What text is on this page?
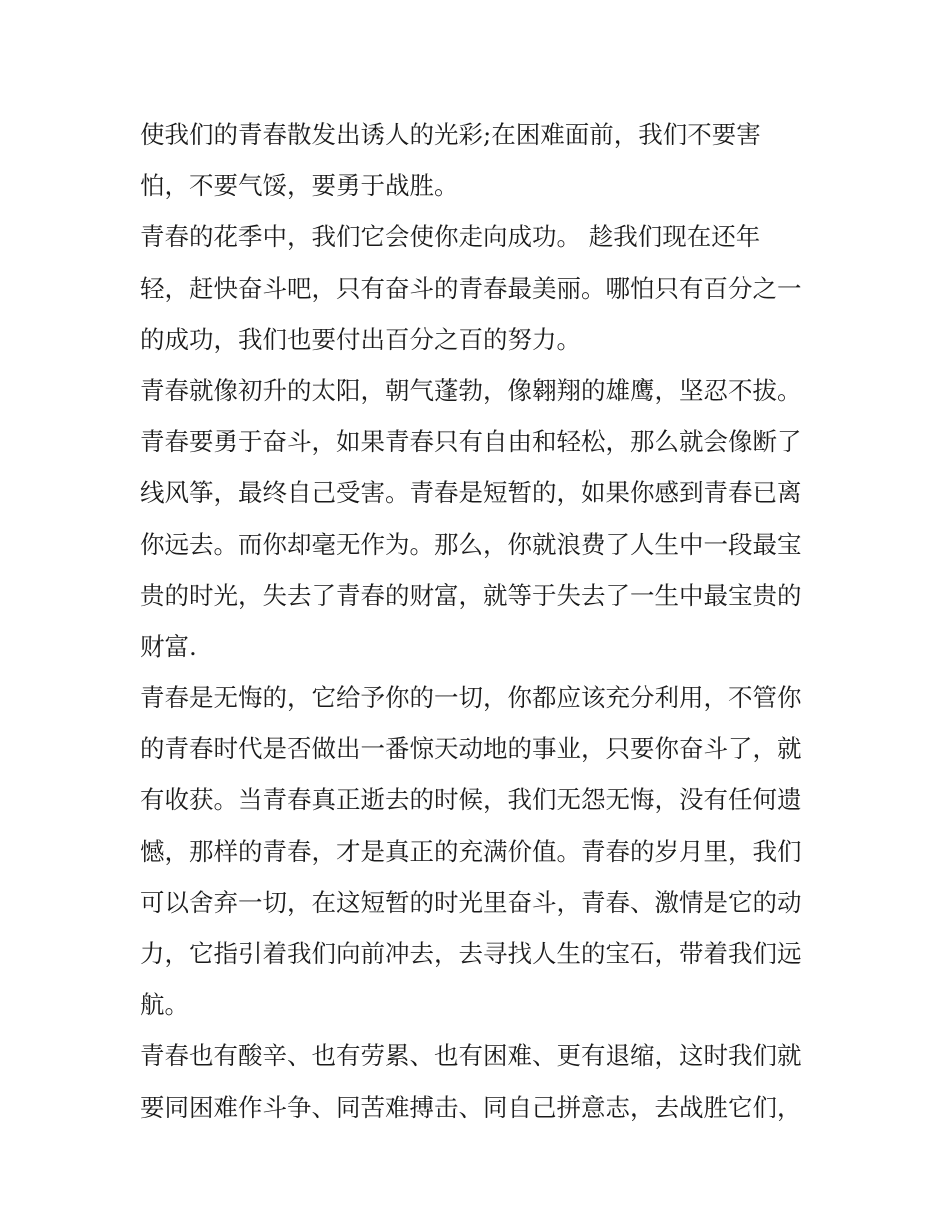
使我们的青春散发出诱人的光彩;在困难面前，我们不要害
怕，不要气馁，要勇于战胜。
青春的花季中，我们它会使你走向成功。 趁我们现在还年
轻，赶快奋斗吧，只有奋斗的青春最美丽。哪怕只有百分之一
的成功，我们也要付出百分之百的努力。
青春就像初升的太阳，朝气蓬勃，像翱翔的雄鹰，坚忍不拔。
青春要勇于奋斗，如果青春只有自由和轻松，那么就会像断了
线风筝，最终自己受害。青春是短暂的，如果你感到青春已离
你远去。而你却毫无作为。那么，你就浪费了人生中一段最宝
贵的时光，失去了青春的财富，就等于失去了一生中最宝贵的
财富.
青春是无悔的，它给予你的一切，你都应该充分利用，不管你
的青春时代是否做出一番惊天动地的事业，只要你奋斗了，就
有收获。当青春真正逝去的时候，我们无怨无悔，没有任何遗
憾，那样的青春，才是真正的充满价值。青春的岁月里，我们
可以舍弃一切，在这短暂的时光里奋斗，青春、激情是它的动
力，它指引着我们向前冲去，去寻找人生的宝石，带着我们远
航。
青春也有酸辛、也有劳累、也有困难、更有退缩，这时我们就
要同困难作斗争、同苦难搏击、同自己拼意志，去战胜它们，
